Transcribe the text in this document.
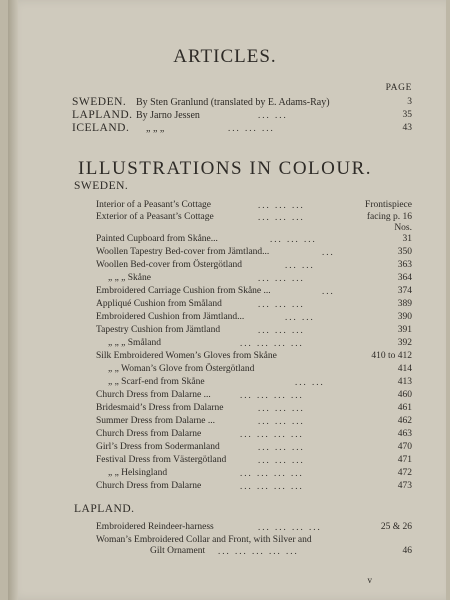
ARTICLES.
PAGE
SWEDEN. By Sten Granlund (translated by E. Adams-Ray)	3
LAPLAND. By Jarno Jessen	... ...	35
ICELAND. „ „ „	... ... ...	43
ILLUSTRATIONS IN COLOUR.
SWEDEN.
Interior of a Peasant’s Cottage	... ... ...	Frontispiece
Exterior of a Peasant’s Cottage	... ... ...	facing p. 16
Nos.
Painted Cupboard from Skåne...	... ... ...	31
Woollen Tapestry Bed-cover from Jämtland...	...	350
Woollen Bed-cover from Östergötland	... ...	363
„ „ „ Skåne	... ... ...	364
Embroidered Carriage Cushion from Skåne ...	...	374
Appliqué Cushion from Småland	... ... ...	389
Embroidered Cushion from Jämtland...	... ...	390
Tapestry Cushion from Jämtland	... ... ...	391
„ „ „ Småland	... ... ... ...	392
Silk Embroidered Women’s Gloves from Skåne	410 to 412
„ „ Woman’s Glove from Östergötland	414
„ „ Scarf-end from Skåne	... ...	413
Church Dress from Dalarne ...	... ... ... ...	460
Bridesmaid’s Dress from Dalarne	... ... ...	461
Summer Dress from Dalarne ...	... ... ...	462
Church Dress from Dalarne	... ... ... ...	463
Girl’s Dress from Sodermanland	... ... ...	470
Festival Dress from Västergötland	... ... ...	471
„ „ Helsingland	... ... ... ...	472
Church Dress from Dalarne	... ... ... ...	473
LAPLAND.
Embroidered Reindeer-harness	... ... ... ...	25 & 26
Woman’s Embroidered Collar and Front, with Silver and
Gilt Ornament ... ... ... ... ...	46
v
